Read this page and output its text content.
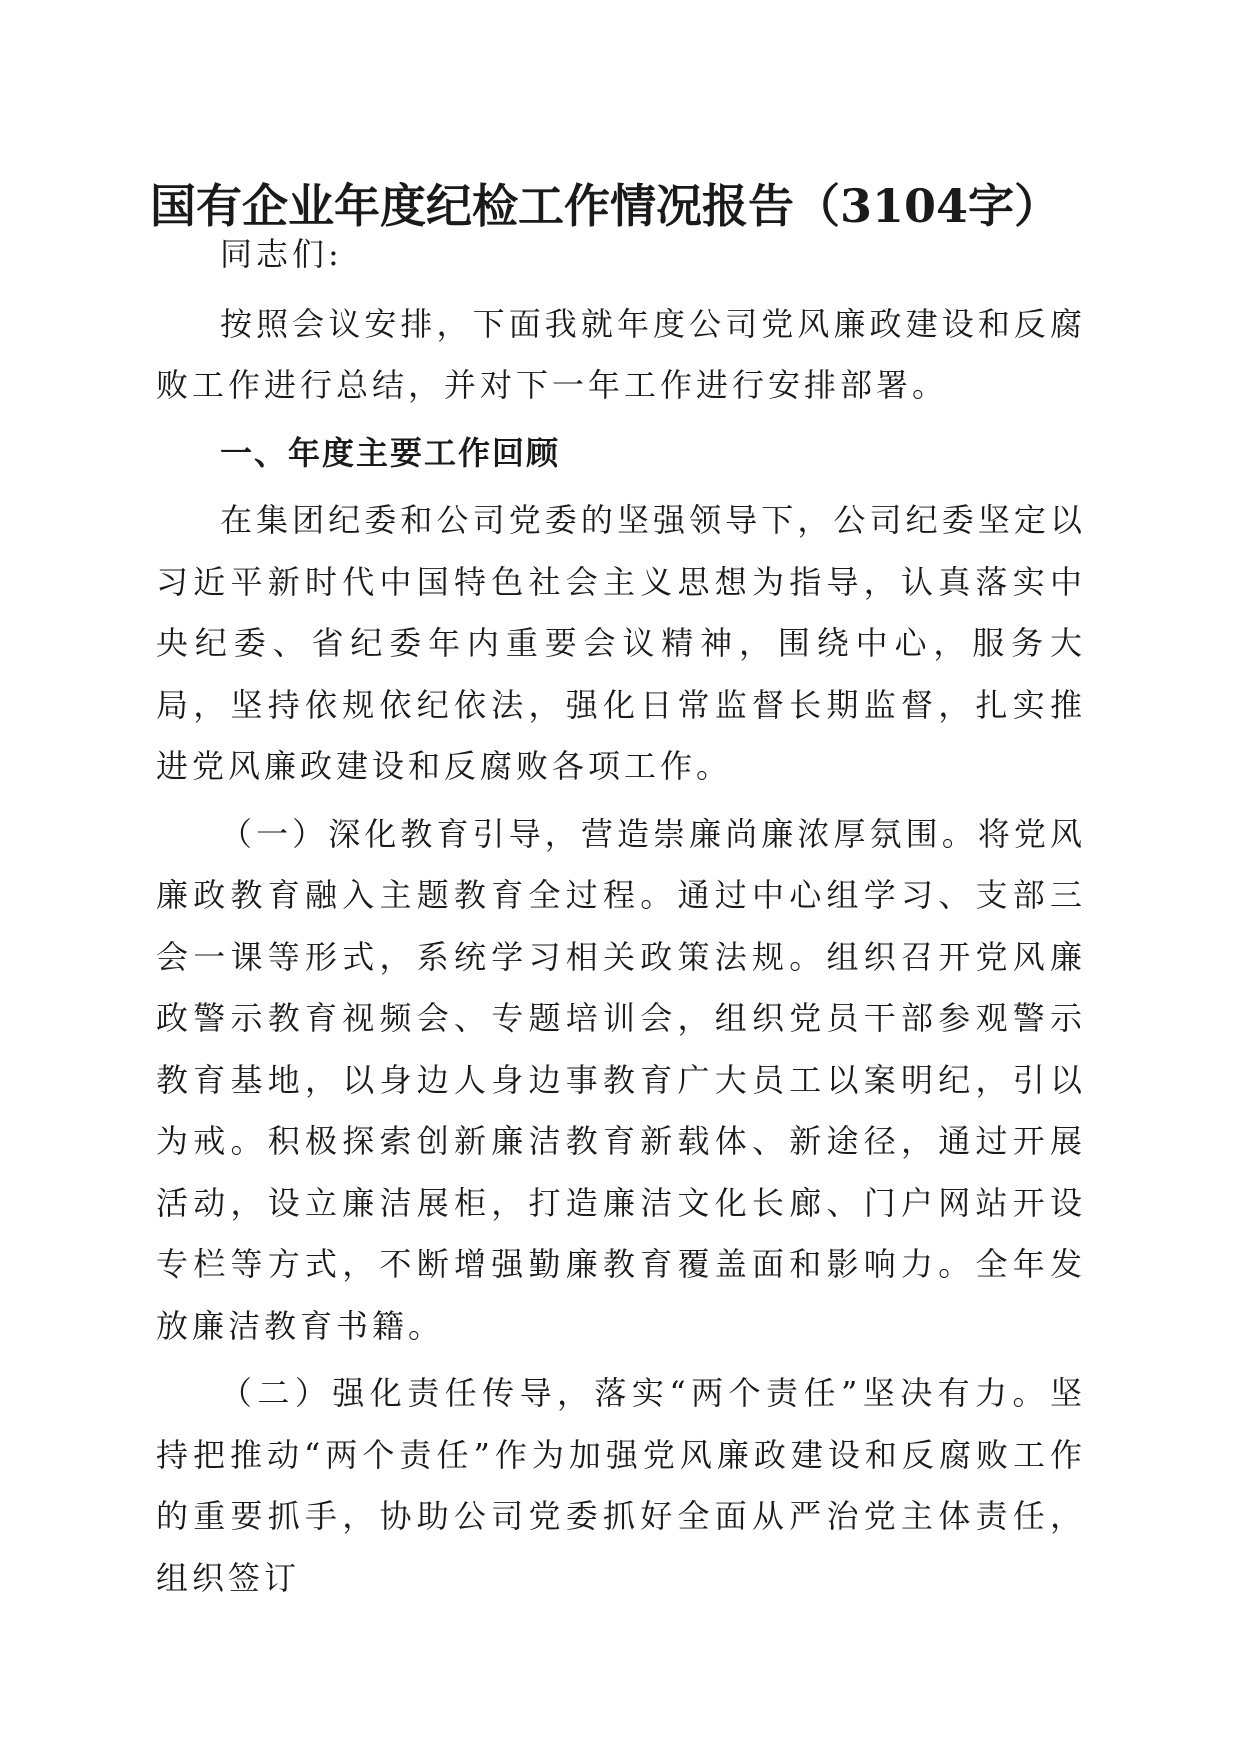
国有企业年度纪检工作情况报告（3104字）

同志们:

按照会议安排，下面我就年度公司党风廉政建设和反腐败工作进行总结，并对下一年工作进行安排部署。

一、年度主要工作回顾

在集团纪委和公司党委的坚强领导下，公司纪委坚定以习近平新时代中国特色社会主义思想为指导，认真落实中央纪委、省纪委年内重要会议精神，围绕中心，服务大局，坚持依规依纪依法，强化日常监督长期监督，扎实推进党风廉政建设和反腐败各项工作。

（一）深化教育引导，营造崇廉尚廉浓厚氛围。将党风廉政教育融入主题教育全过程。通过中心组学习、支部三会一课等形式，系统学习相关政策法规。组织召开党风廉政警示教育视频会、专题培训会，组织党员干部参观警示教育基地，以身边人身边事教育广大员工以案明纪，引以为戒。积极探索创新廉洁教育新载体、新途径，通过开展活动，设立廉洁展柜，打造廉洁文化长廊、门户网站开设专栏等方式，不断增强勤廉教育覆盖面和影响力。全年发放廉洁教育书籍。

（二）强化责任传导，落实“两个责任”坚决有力。坚持把推动“两个责任”作为加强党风廉政建设和反腐败工作的重要抓手，协助公司党委抓好全面从严治党主体责任，组织签订
